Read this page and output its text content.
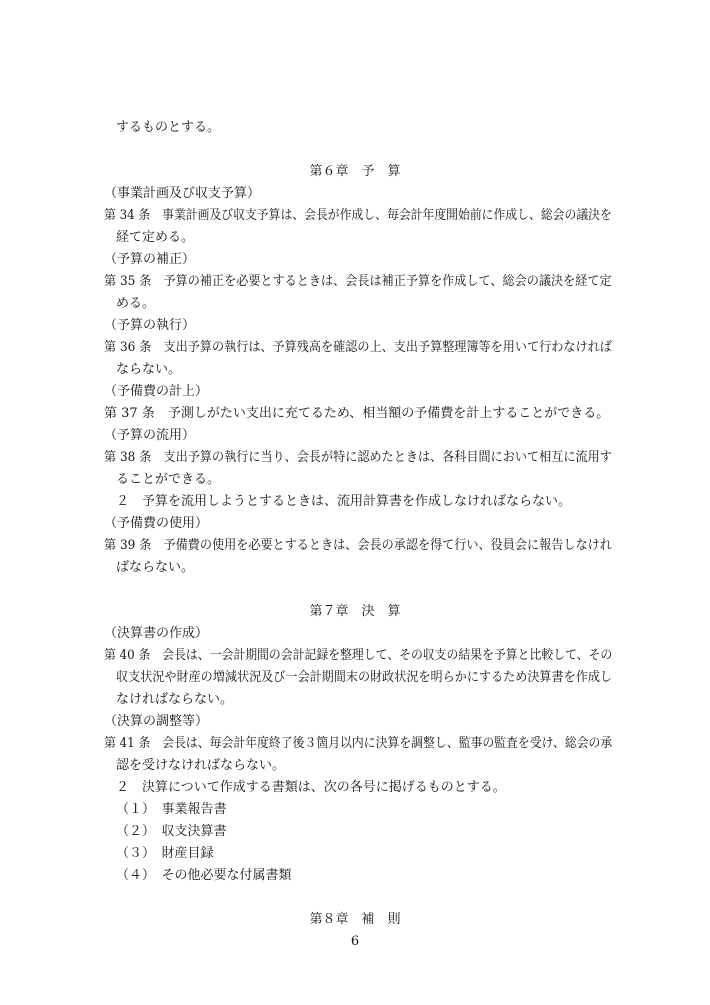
するものとする。
第６章　予　算
（事業計画及び収支予算）
第 34 条　 事業計画及び収支予算は、会長が作成し、毎会計年度開始前に作成し、総会の議決を
経て定める。
（予算の補正）
第 35 条　 予算の補正を必要とするときは、会長は補正予算を作成して、総会の議決を経て定
める。
（予算の執行）
第 36 条　 支出予算の執行は、予算残高を確認の上、支出予算整理簿等を用いて行わなければ
ならない。
（予備費の計上）
第 37 条　 予測しがたい支出に充てるため、相当額の予備費を計上することができる。
（予算の流用）
第 38 条　 支出予算の執行に当り、会長が特に認めたときは、各科目間において相互に流用す
ることができる。
２　予算を流用しようとするときは、流用計算書を作成しなければならない。
（予備費の使用）
第 39 条　 予備費の使用を必要とするときは、会長の承認を得て行い、役員会に報告しなけれ
ばならない。
第７章　決　算
（決算書の作成）
第 40 条　 会長は、一会計期間の会計記録を整理して、その収支の結果を予算と比較して、その
収支状況や財産の増減状況及び一会計期間末の財政状況を明らかにするため決算書を作成し
なければならない。
（決算の調整等）
第 41 条　 会長は、毎会計年度終了後３箇月以内に決算を調整し、監事の監査を受け、総会の承
認を受けなければならない。
２　決算について作成する書類は、次の各号に掲げるものとする。
（１）　事業報告書
（２）　収支決算書
（３）　財産目録
（４）　その他必要な付属書類
第８章　補　則
6
